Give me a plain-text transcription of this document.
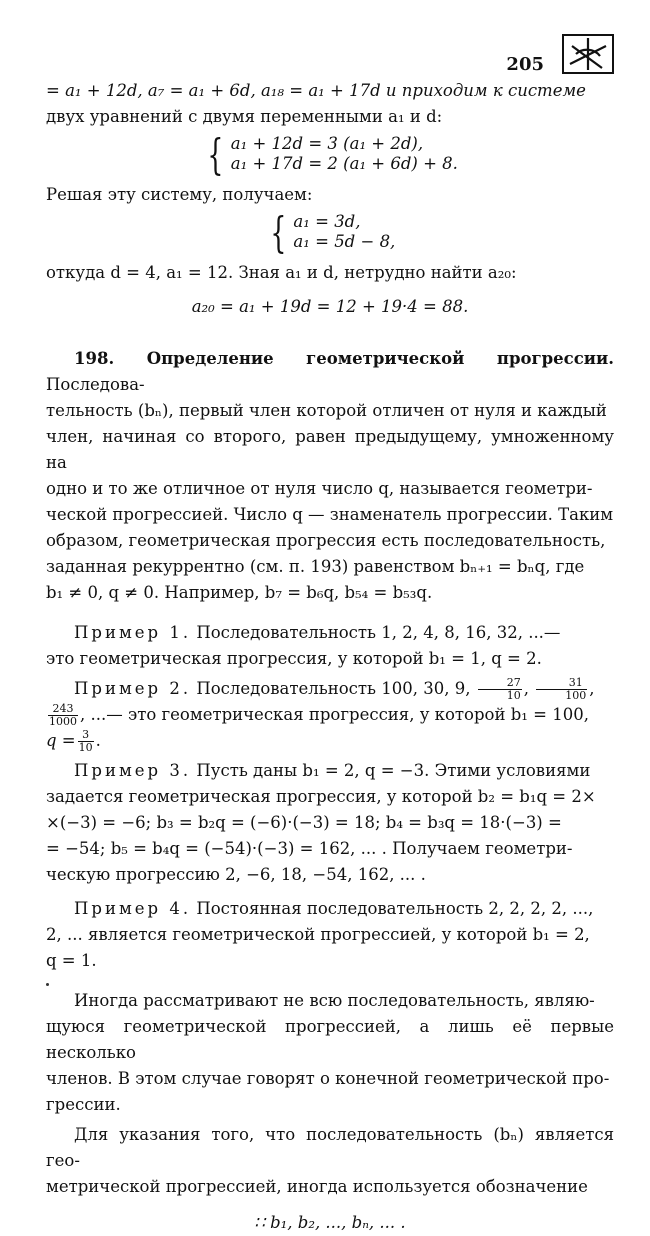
205

= a₁ + 12d, a₇ = a₁ + 6d, a₁₈ = a₁ + 17d и приходим к системе
двух уравнений с двумя переменными a₁ и d:

{ a₁ + 12d = 3 (a₁ + 2d),
a₁ + 17d = 2 (a₁ + 6d) + 8.

Решая эту систему, получаем:

{ a₁ = 3d,
a₁ = 5d − 8,

откуда d = 4, a₁ = 12. Зная a₁ и d, нетрудно найти a₂₀:

a₂₀ = a₁ + 19d = 12 + 19·4 = 88.

198. Определение геометрической прогрессии. Последова-
тельность (bₙ), первый член которой отличен от нуля и каждый
член, начиная со второго, равен предыдущему, умноженному на
одно и то же отличное от нуля число q, называется геометри-
ческой прогрессией. Число q — знаменатель прогрессии. Таким
образом, геометрическая прогрессия есть последовательность,
заданная рекуррентно (см. п. 193) равенством bₙ₊₁ = bₙq, где
b₁ ≠ 0, q ≠ 0. Например, b₇ = b₆q, b₅₄ = b₅₃q.

Пример 1. Последовательность 1, 2, 4, 8, 16, 32, ...—
это геометрическая прогрессия, у которой b₁ = 1, q = 2.

Пример 2. Последовательность 100, 30, 9, $\frac{27}{10}$ , $\frac{31}{100}$ ,
$\frac{243}{1000}$ , ...— это геометрическая прогрессия, у которой b₁ = 100,
$q = \frac{3}{10}$ .

Пример 3. Пусть даны b₁ = 2, q = −3. Этими условиями
задается геометрическая прогрессия, у которой b₂ = b₁q = 2×
×(−3) = −6; b₃ = b₂q = (−6)·(−3) = 18; b₄ = b₃q = 18·(−3) =
= −54; b₅ = b₄q = (−54)·(−3) = 162, ... . Получаем геометри-
ческую прогрессию 2, −6, 18, −54, 162, ... .

Пример 4. Постоянная последовательность 2, 2, 2, 2, ...,
2, ... является геометрической прогрессией, у которой b₁ = 2,
q = 1.

Иногда рассматривают не всю последовательность, являю-
щуюся геометрической прогрессией, а лишь её первые несколько
членов. В этом случае говорят о конечной геометрической про-
грессии.

Для указания того, что последовательность (bₙ) является гео-
метрической прогрессией, иногда используется обозначение

∷ b₁, b₂, ..., bₙ, ... .
